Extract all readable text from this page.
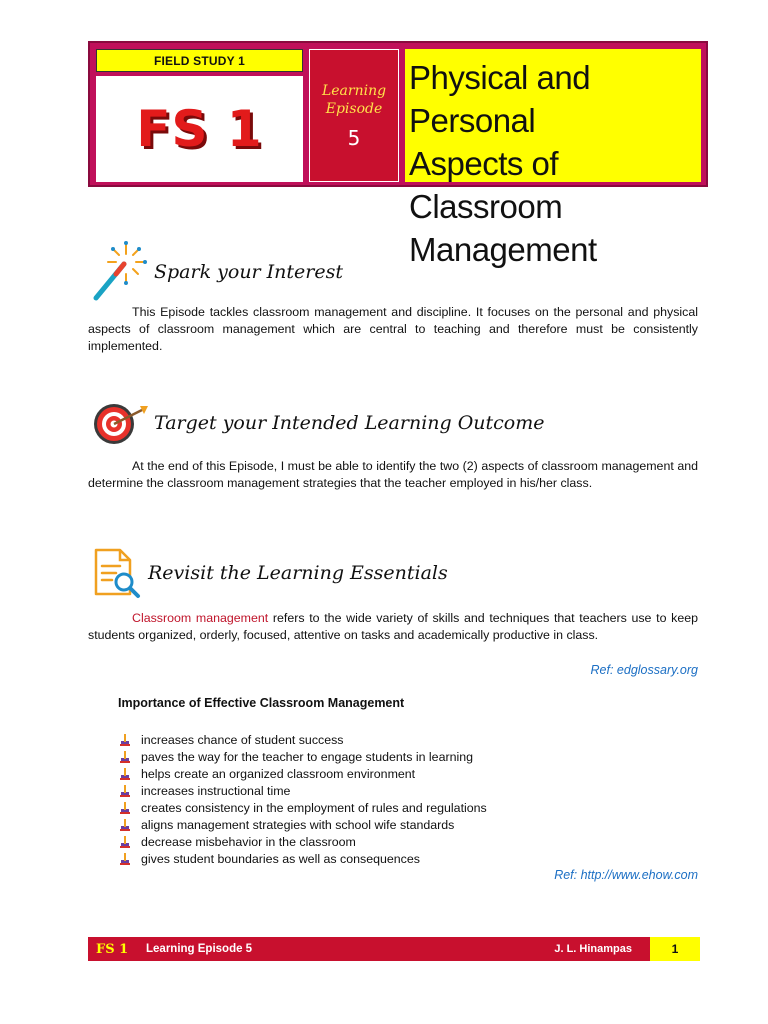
FIELD STUDY 1
FS 1
Learning Episode
5
Physical and Personal
Aspects of Classroom
Management
Spark your Interest

This Episode tackles classroom management and discipline. It focuses on the personal and physical aspects of classroom management which are central to teaching and therefore must be consistently implemented.

Target your Intended Learning Outcome

At the end of this Episode, I must be able to identify the two (2) aspects of classroom management and determine the classroom management strategies that the teacher employed in his/her class.

Revisit the Learning Essentials

Classroom management refers to the wide variety of skills and techniques that teachers use to keep students organized, orderly, focused, attentive on tasks and academically productive in class.

Ref: edglossary.org
Importance of Effective Classroom Management
increases chance of student success
paves the way for the teacher to engage students in learning
helps create an organized classroom environment
increases instructional time
creates consistency in the employment of rules and regulations
aligns management strategies with school wife standards
decrease misbehavior in the classroom
gives student boundaries as well as consequences
Ref: http://www.ehow.com
FS 1	Learning Episode 5	J. L. Hinampas	1
